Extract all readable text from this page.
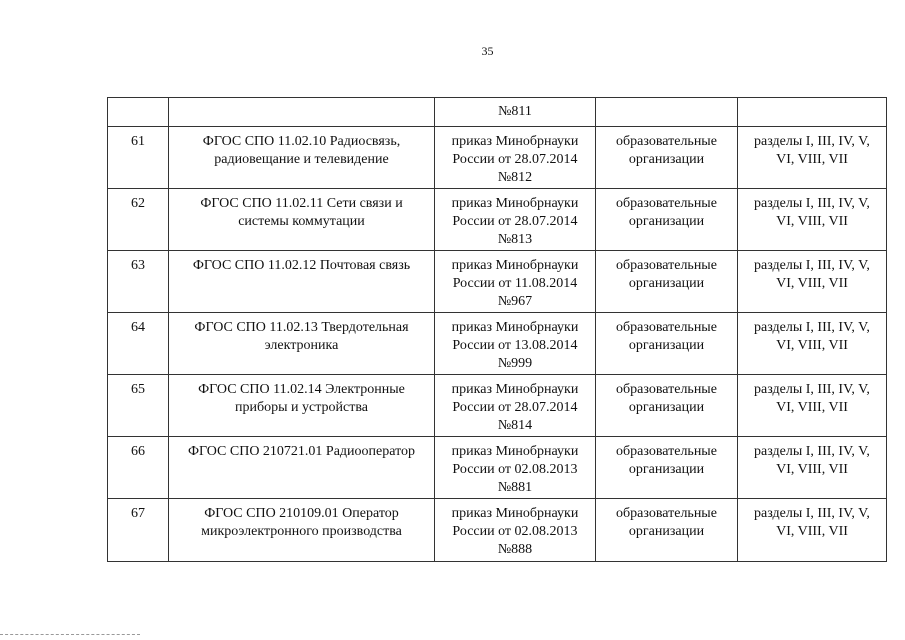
35
		№811		
61	ФГОС СПО 11.02.10 Радиосвязь,
радиовещание и телевидение	приказ Минобрнауки
России от 28.07.2014
№812	образовательные
организации	разделы I, III, IV, V,
VI, VIII, VII

62	ФГОС СПО 11.02.11 Сети связи и
системы коммутации	приказ Минобрнауки
России от 28.07.2014
№813	образовательные
организации	разделы I, III, IV, V,
VI, VIII, VII

63	ФГОС СПО 11.02.12 Почтовая связь	приказ Минобрнауки
России от 11.08.2014
№967	образовательные
организации	разделы I, III, IV, V,
VI, VIII, VII

64	ФГОС СПО 11.02.13 Твердотельная
электроника	приказ Минобрнауки
России от 13.08.2014
№999	образовательные
организации	разделы I, III, IV, V,
VI, VIII, VII

65	ФГОС СПО 11.02.14 Электронные
приборы и устройства	приказ Минобрнауки
России от 28.07.2014
№814	образовательные
организации	разделы I, III, IV, V,
VI, VIII, VII

66	ФГОС СПО 210721.01 Радиооператор	приказ Минобрнауки
России от 02.08.2013
№881	образовательные
организации	разделы I, III, IV, V,
VI, VIII, VII

67	ФГОС СПО 210109.01 Оператор
микроэлектронного производства	приказ Минобрнауки
России от 02.08.2013
№888	образовательные
организации	разделы I, III, IV, V,
VI, VIII, VII
